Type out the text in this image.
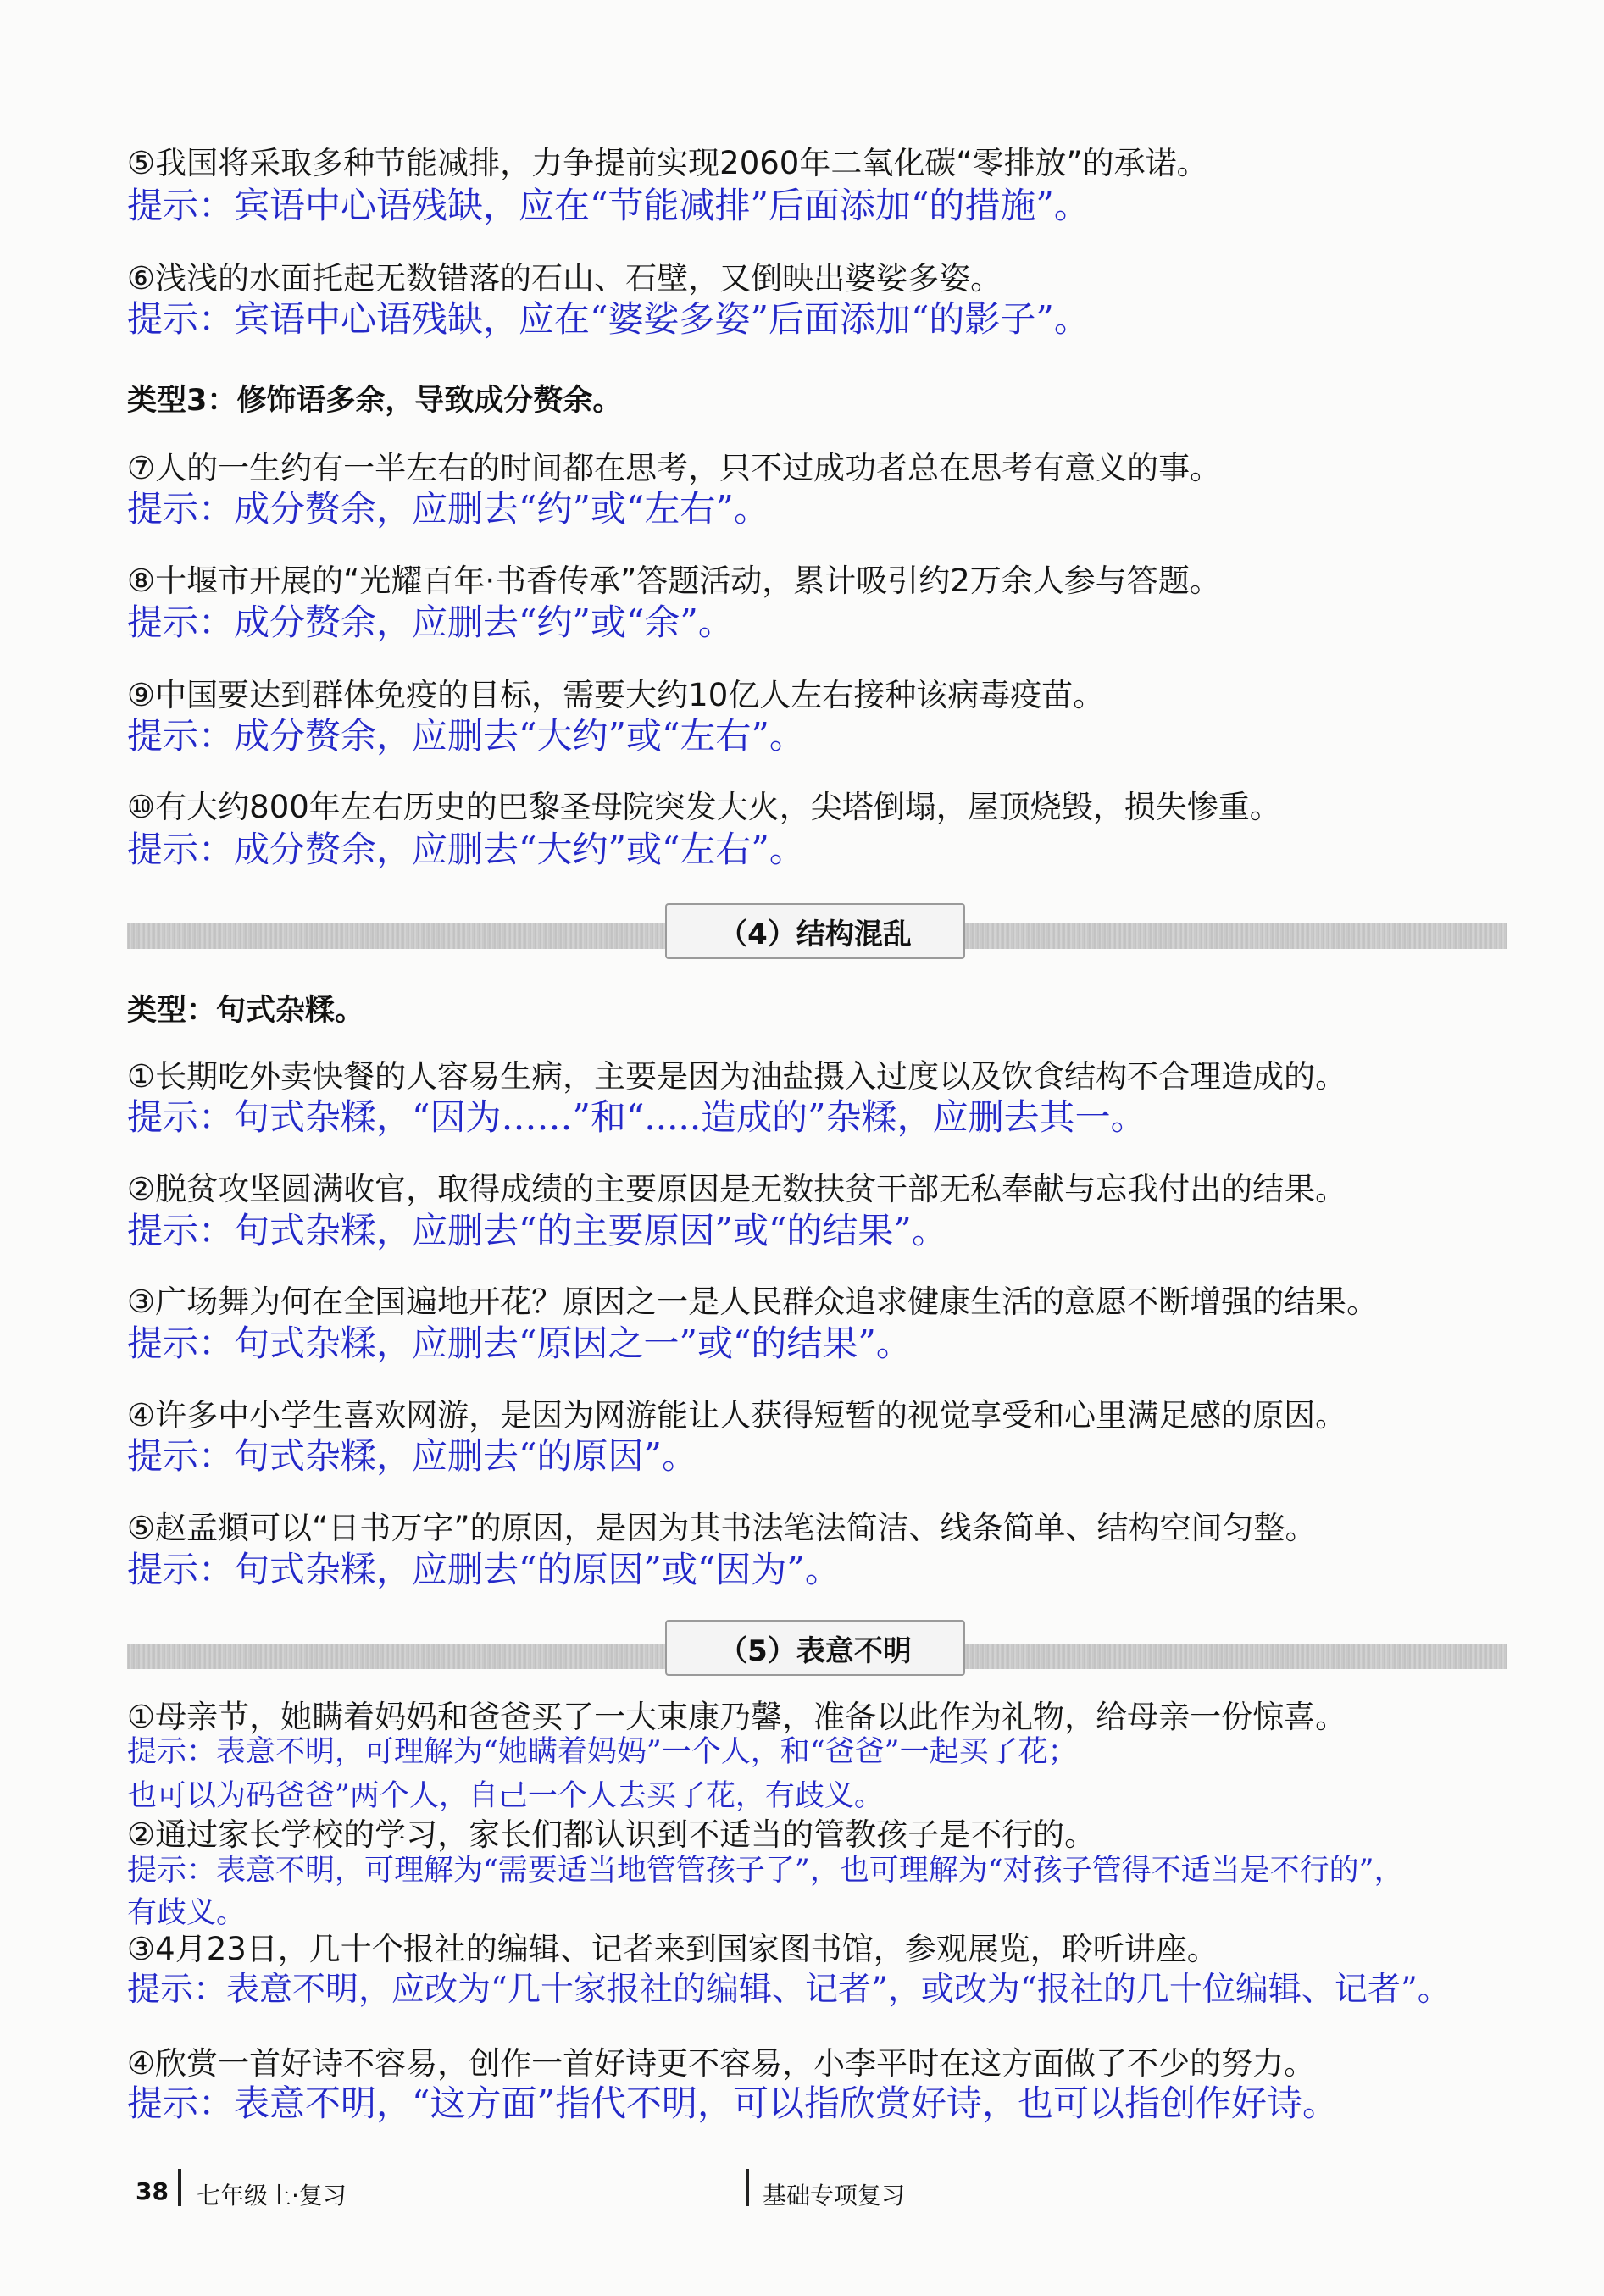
⑤我国将采取多种节能减排，力争提前实现2060年二氧化碳“零排放”的承诺。
提示：宾语中心语残缺，应在“节能减排”后面添加“的措施”。
⑥浅浅的水面托起无数错落的石山、石壁，又倒映出婆娑多姿。
提示：宾语中心语残缺，应在“婆娑多姿”后面添加“的影子”。
类型3：修饰语多余，导致成分赘余。
⑦人的一生约有一半左右的时间都在思考，只不过成功者总在思考有意义的事。
提示：成分赘余，应删去“约”或“左右”。
⑧十堰市开展的“光耀百年·书香传承”答题活动，累计吸引约2万余人参与答题。
提示：成分赘余，应删去“约”或“余”。
⑨中国要达到群体免疫的目标，需要大约10亿人左右接种该病毒疫苗。
提示：成分赘余，应删去“大约”或“左右”。
⑩有大约800年左右历史的巴黎圣母院突发大火，尖塔倒塌，屋顶烧毁，损失惨重。
提示：成分赘余，应删去“大约”或“左右”。
（4）结构混乱
类型：句式杂糅。
①长期吃外卖快餐的人容易生病，主要是因为油盐摄入过度以及饮食结构不合理造成的。
提示：句式杂糅，“因为……”和“.....造成的”杂糅，应删去其一。
②脱贫攻坚圆满收官，取得成绩的主要原因是无数扶贫干部无私奉献与忘我付出的结果。
提示：句式杂糅，应删去“的主要原因”或“的结果”。
③广场舞为何在全国遍地开花？原因之一是人民群众追求健康生活的意愿不断增强的结果。
提示：句式杂糅，应删去“原因之一”或“的结果”。
④许多中小学生喜欢网游，是因为网游能让人获得短暂的视觉享受和心里满足感的原因。
提示：句式杂糅，应删去“的原因”。
⑤赵孟頫可以“日书万字”的原因，是因为其书法笔法简洁、线条简单、结构空间匀整。
提示：句式杂糅，应删去“的原因”或“因为”。
（5）表意不明
①母亲节，她瞒着妈妈和爸爸买了一大束康乃馨，准备以此作为礼物，给母亲一份惊喜。
提示：表意不明，可理解为“她瞒着妈妈”一个人，和“爸爸”一起买了花；
也可以为码爸爸”两个人，自己一个人去买了花，有歧义。
②通过家长学校的学习，家长们都认识到不适当的管教孩子是不行的。
提示：表意不明，可理解为“需要适当地管管孩子了”，也可理解为“对孩子管得不适当是不行的”，
有歧义。
③4月23日，几十个报社的编辑、记者来到国家图书馆，参观展览，聆听讲座。
提示：表意不明，应改为“几十家报社的编辑、记者”，或改为“报社的几十位编辑、记者”。
④欣赏一首好诗不容易，创作一首好诗更不容易，小李平时在这方面做了不少的努力。
提示：表意不明，“这方面”指代不明，可以指欣赏好诗，也可以指创作好诗。
38 七年级上·复习	基础专项复习
